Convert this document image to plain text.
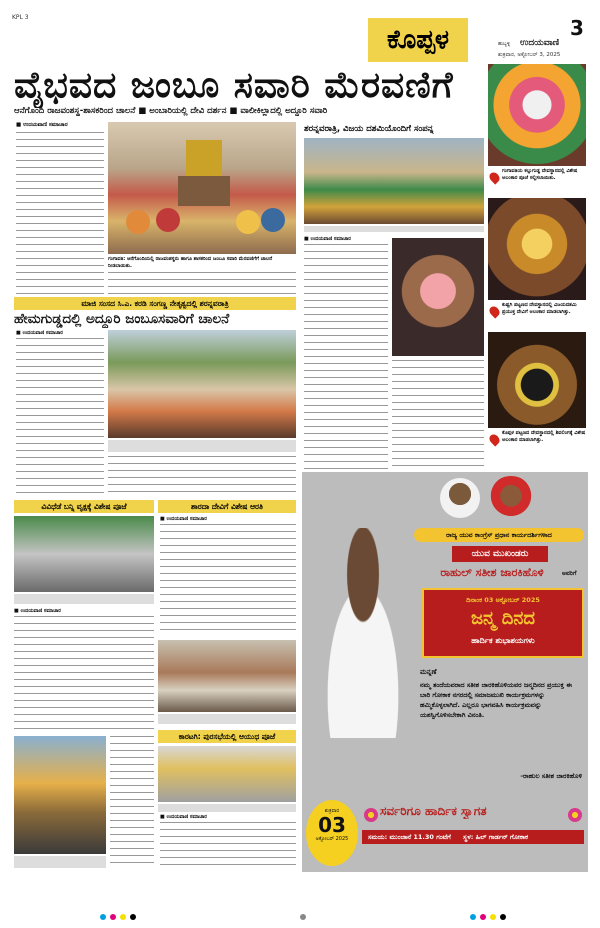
KPL 3
ಕೊಪ್ಪಳ	3
ಹುಬ್ಬಳ್ಳಿ ಉದಯವಾಣಿ
ಶುಕ್ರವಾರ, ಅಕ್ಟೋಬರ್ 3, 2025
ವೈಭವದ ಜಂಬೂ ಸವಾರಿ ಮೆರವಣಿಗೆ
ಆನೆಗೊಂದಿ ರಾಜವಂಶಸ್ಥ-ಶಾಸಕರಿಂದ ಚಾಲನೆ ■ ಅಂಬಾರಿಯಲ್ಲಿ ದೇವಿ ದರ್ಶನ ■ ವಾಲೀಕಿಲ್ಲಾದಲ್ಲಿ ಅದ್ಧೂರಿ ಸವಾರಿ
■ ಉದಯವಾಣಿ ಸಮಾಚಾರ
ಗಂಗಾವತಿ: ಆನೆಗೊಂದಿಯಲ್ಲಿ ರಾಜವಂಶಸ್ಥರು ಹಾಗೂ ಶಾಸಕರಿಂದ ಜಂಬೂ ಸವಾರಿ ಮೆರವಣಿಗೆಗೆ ಚಾಲನೆ ನೀಡಲಾಯಿತು.
ಶರನ್ನವರಾತ್ರಿ, ವಿಜಯ ದಶಮಿಯೊಂದಿಗೆ ಸಂಪನ್ನ
■ ಉದಯವಾಣಿ ಸಮಾಚಾರ
ಗಂಗಾವತಿಯ ಕಲ್ಲುಗುಡ್ಡ ದೇವಸ್ಥಾನದಲ್ಲಿ ವಿಶೇಷ ಅಲಂಕಾರ ಪೂಜೆ ಸಲ್ಲಿಸಲಾಯಿತು.
ಕುಷ್ಟಗಿ ಪಟ್ಟಣದ ದೇವಸ್ಥಾನದಲ್ಲಿ ವಿಜಯದಶಮಿ ಪ್ರಯುಕ್ತ ದೇವಿಗೆ ಅಲಂಕಾರ ಮಾಡಲಾಗಿತ್ತು.
ಕೊಪ್ಪಳ ಪಟ್ಟಣದ ದೇವಸ್ಥಾನದಲ್ಲಿ ಶಿವಲಿಂಗಕ್ಕೆ ವಿಶೇಷ ಅಲಂಕಾರ ಮಾಡಲಾಗಿತ್ತು.
ಮಾಜಿ ಸಂಸದ ಸಿ.ಎ. ಕರಡಿ ಸಂಗಣ್ಣ ನೇತೃತ್ವದಲ್ಲಿ ಶರನ್ನವರಾತ್ರಿ
ಹೇಮಗುಡ್ಡದಲ್ಲಿ ಅದ್ದೂರಿ ಜಂಬೂಸವಾರಿಗೆ ಚಾಲನೆ
■ ಉದಯವಾಣಿ ಸಮಾಚಾರ
ವಿವಿಧೆಡೆ ಬನ್ನಿ ವೃಕ್ಷಕ್ಕೆ ವಿಶೇಷ ಪೂಜೆ
■ ಉದಯವಾಣಿ ಸಮಾಚಾರ
ಶಾರದಾ ದೇವಿಗೆ ವಿಶೇಷ ಆರತಿ
■ ಉದಯವಾಣಿ ಸಮಾಚಾರ
ಕಾರಟಗಿ: ಪುರಸಭೆಯಲ್ಲಿ ಆಯುಧ ಪೂಜೆ
■ ಉದಯವಾಣಿ ಸಮಾಚಾರ
ರಾಜ್ಯ ಯುವ ಕಾಂಗ್ರೆಸ್ ಪ್ರಧಾನ ಕಾರ್ಯದರ್ಶಿಗಳಾದ
ಯುವ ಮುಖಂಡರು
ರಾಹುಲ್ ಸತೀಶ ಜಾರಕಿಹೊಳಿ	ಅವರಿಗೆ
ದಿನಾಂಕ 03 ಅಕ್ಟೋಬರ್ 2025
ಜನ್ಮ ದಿನದ
ಹಾರ್ದಿಕ ಶುಭಾಶಯಗಳು
ಮನ್ನಣೆ
ನಮ್ಮ ತಂದೆಯವರಾದ ಸತೀಶ ಜಾರಕಿಹೊಳಿಯವರ ಜನ್ಮದಿನದ ಪ್ರಯುಕ್ತ ಈ ಬಾರಿ ಗೋಕಾಕ ನಗರದಲ್ಲಿ ಸಮಾಜಮುಖಿ ಕಾರ್ಯಕ್ರಮಗಳನ್ನು ಹಮ್ಮಿಕೊಳ್ಳಲಾಗಿದೆ. ಎಲ್ಲರೂ ಭಾಗವಹಿಸಿ ಕಾರ್ಯಕ್ರಮವನ್ನು ಯಶಸ್ವಿಗೊಳಿಸಬೇಕಾಗಿ ವಿನಂತಿ.
-ರಾಹುಲ ಸತೀಶ ಜಾರಕಿಹೊಳಿ
ಶುಕ್ರವಾರ
03
ಅಕ್ಟೋಬರ್ 2025
ಸರ್ವರಿಗೂ ಹಾರ್ದಿಕ ಸ್ವಾಗತ
ಸಮಯ: ಮುಂಜಾನೆ 11.30 ಗಂಟೆಗೆ ಸ್ಥಳ: ಹಿಲ್ ಗಾರ್ಡನ್ ಗೋಕಾಕ
